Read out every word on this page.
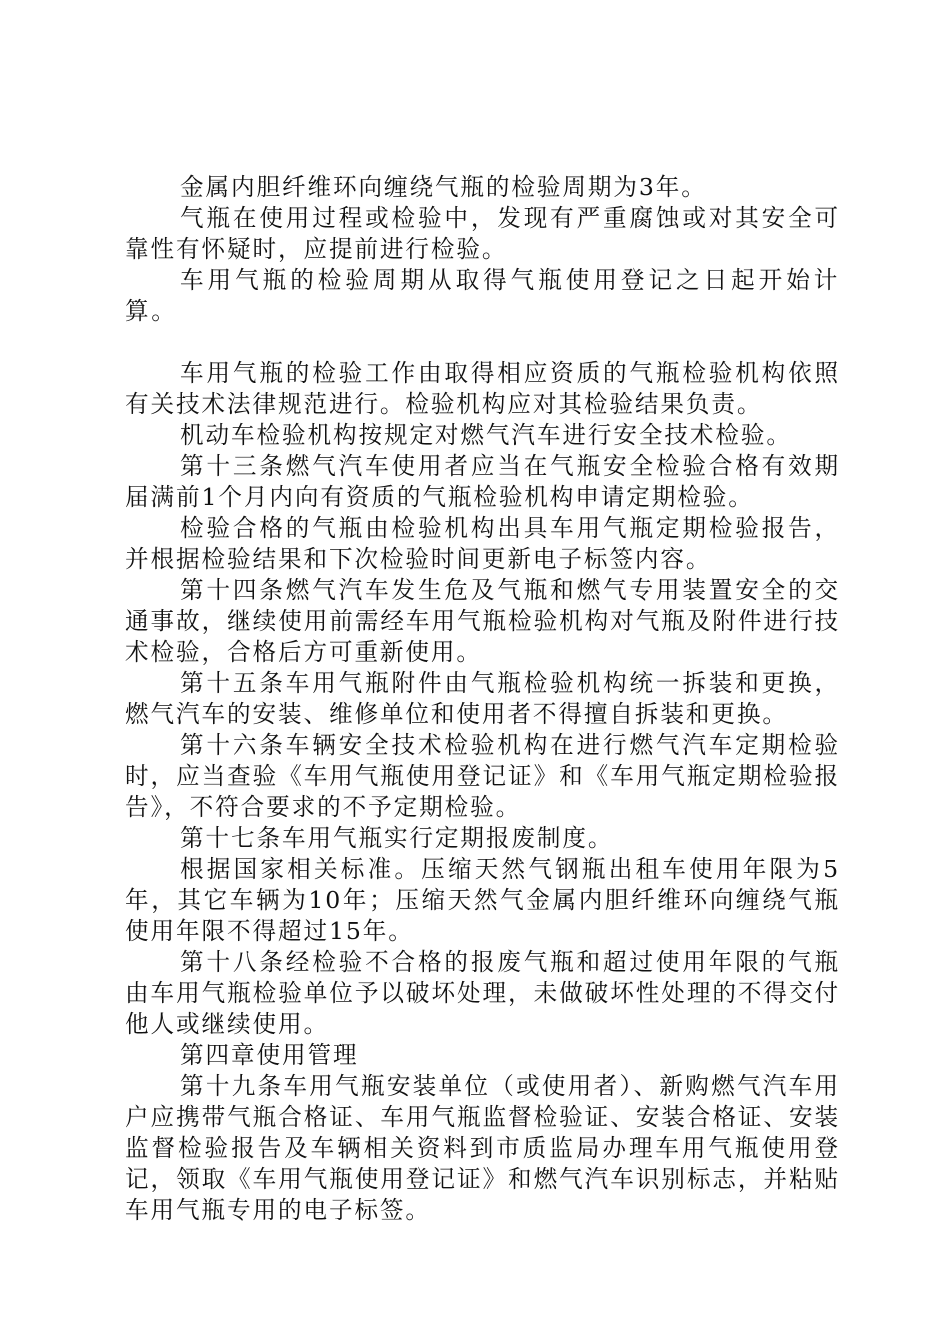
金属内胆纤维环向缠绕气瓶的检验周期为3年。

气瓶在使用过程或检验中，发现有严重腐蚀或对其安全可靠性有怀疑时，应提前进行检验。

车用气瓶的检验周期从取得气瓶使用登记之日起开始计算。

车用气瓶的检验工作由取得相应资质的气瓶检验机构依照有关技术法律规范进行。检验机构应对其检验结果负责。

机动车检验机构按规定对燃气汽车进行安全技术检验。

第十三条燃气汽车使用者应当在气瓶安全检验合格有效期届满前1个月内向有资质的气瓶检验机构申请定期检验。

检验合格的气瓶由检验机构出具车用气瓶定期检验报告，并根据检验结果和下次检验时间更新电子标签内容。

第十四条燃气汽车发生危及气瓶和燃气专用装置安全的交通事故，继续使用前需经车用气瓶检验机构对气瓶及附件进行技术检验，合格后方可重新使用。

第十五条车用气瓶附件由气瓶检验机构统一拆装和更换，燃气汽车的安装、维修单位和使用者不得擅自拆装和更换。

第十六条车辆安全技术检验机构在进行燃气汽车定期检验时，应当查验《车用气瓶使用登记证》和《车用气瓶定期检验报告》，不符合要求的不予定期检验。

第十七条车用气瓶实行定期报废制度。

根据国家相关标准。压缩天然气钢瓶出租车使用年限为5年，其它车辆为10年；压缩天然气金属内胆纤维环向缠绕气瓶使用年限不得超过15年。

第十八条经检验不合格的报废气瓶和超过使用年限的气瓶由车用气瓶检验单位予以破坏处理，未做破坏性处理的不得交付他人或继续使用。

第四章使用管理

第十九条车用气瓶安装单位（或使用者）、新购燃气汽车用户应携带气瓶合格证、车用气瓶监督检验证、安装合格证、安装监督检验报告及车辆相关资料到市质监局办理车用气瓶使用登记，领取《车用气瓶使用登记证》和燃气汽车识别标志，并粘贴车用气瓶专用的电子标签。
